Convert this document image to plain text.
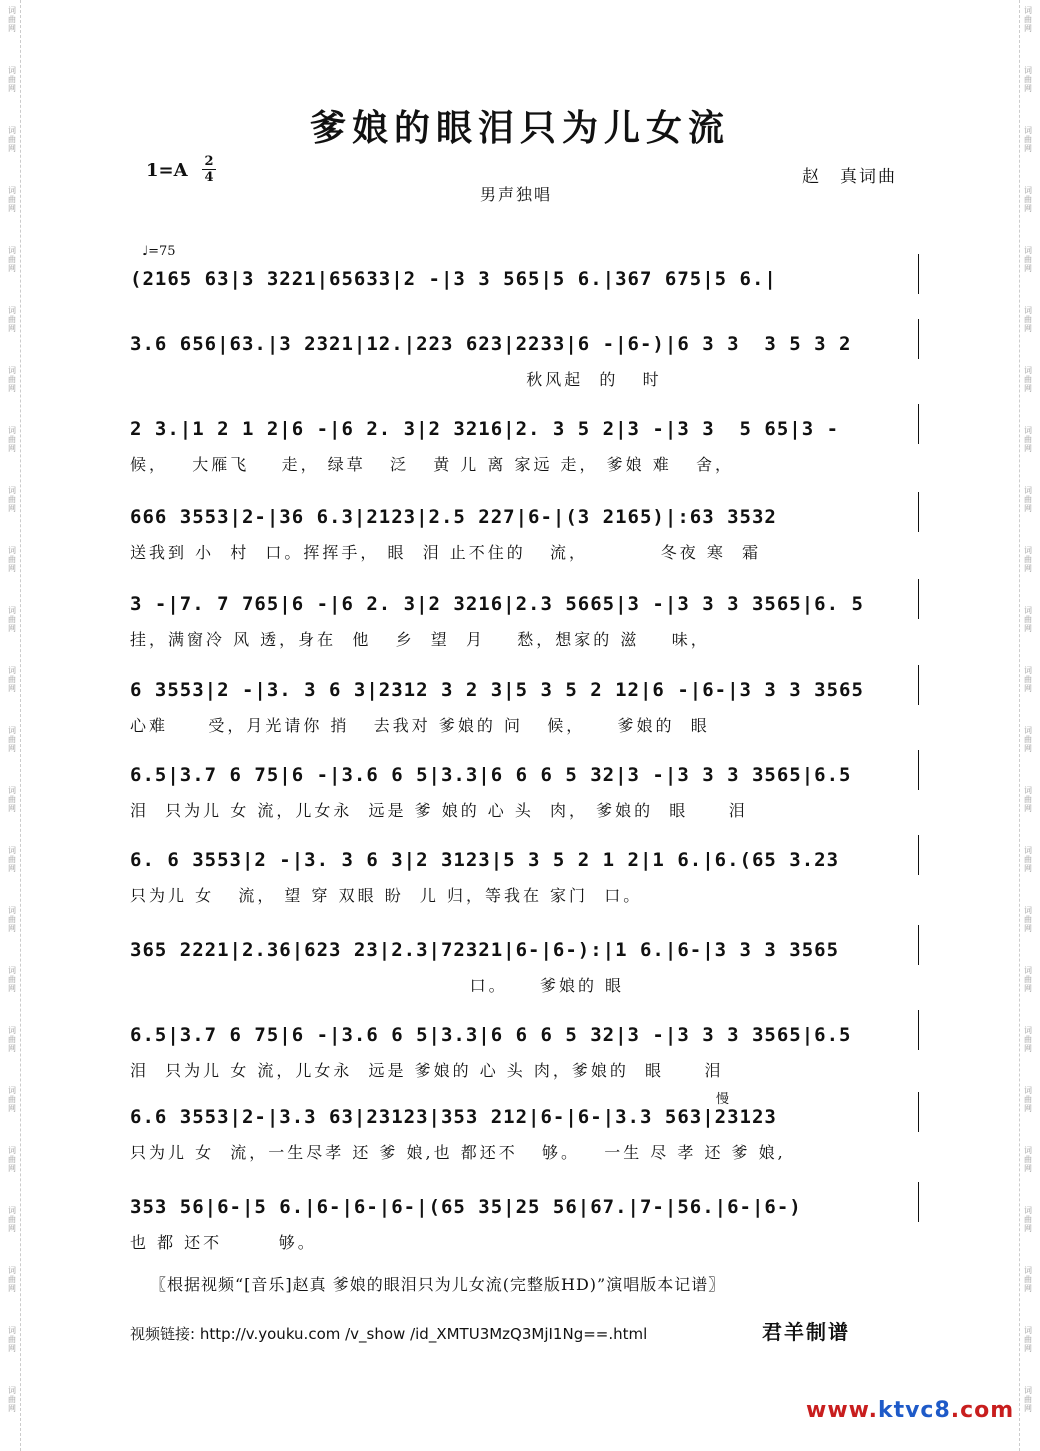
爹娘的眼泪只为儿女流
1=A 2
4	赵　真词曲
男声独唱
♩=75
(2165 63|3 3221|65633|2 -|3 3 565|5 6.|367 675|5 6.|
3.6 656|63.|3 2321|12.|223 623|2233|6 -|6-)|6 3 3  3 5 3 2
秋风起  的   时
2 3.|1 2 1 2|6 -|6 2. 3|2 3216|2. 3 5 2|3 -|3 3  5 65|3 -
候，   大雁飞    走， 绿草   泛   黄 儿 离 家远 走， 爹娘 难   舍，
666 3553|2-|36 6.3|2123|2.5 227|6-|(3 2165)|:63 3532
送我到 小  村  口。挥挥手， 眼  泪 止不住的   流，         冬夜 寒  霜
3 -|7. 7 765|6 -|6 2. 3|2 3216|2.3 5665|3 -|3 3 3 3565|6. 5
挂，满窗冷 风 透，身在  他   乡  望  月    愁，想家的 滋    味，
6 3553|2 -|3. 3 6 3|2312 3 2 3|5 3 5 2 12|6 -|6-|3 3 3 3565
心难     受，月光请你 捎   去我对 爹娘的 问   候，    爹娘的  眼
6.5|3.7 6 75|6 -|3.6 6 5|3.3|6 6 6 5 32|3 -|3 3 3 3565|6.5
泪  只为儿 女 流，儿女永  远是 爹 娘的 心 头  肉， 爹娘的  眼     泪
6. 6 3553|2 -|3. 3 6 3|2 3123|5 3 5 2 1 2|1 6.|6.(65 3.23
只为儿 女   流， 望 穿 双眼 盼  儿 归，等我在 家门  口。
365 2221|2.36|623 23|2.3|72321|6-|6-):|1 6.|6-|3 3 3 3565
口。    爹娘的 眼
6.5|3.7 6 75|6 -|3.6 6 5|3.3|6 6 6 5 32|3 -|3 3 3 3565|6.5
泪  只为儿 女 流，儿女永  远是 爹娘的 心 头 肉，爹娘的  眼     泪
6.6 3553|2-|3.3 63|23123|353 212|6-|6-|3.3 563|23123
只为儿 女  流，一生尽孝 还 爹 娘,也 都还不   够。   一生 尽 孝 还 爹 娘,
353 56|6-|5 6.|6-|6-|6-|(65 35|25 56|67.|7-|56.|6-|6-)
也 都 还不       够。
〖根据视频“[音乐]赵真 爹娘的眼泪只为儿女流(完整版HD)”演唱版本记谱〗
视频链接: http://v.youku.com /v_show /id_XMTU3MzQ3MjI1Ng==.html	君羊制谱
www.ktvc8.com
慢
词
曲
网
词
曲
网
词
曲
网
词
曲
网
词
曲
网
词
曲
网
词
曲
网
词
曲
网
词
曲
网
词
曲
网
词
曲
网
词
曲
网
词
曲
网
词
曲
网
词
曲
网
词
曲
网
词
曲
网
词
曲
网
词
曲
网
词
曲
网
词
曲
网
词
曲
网
词
曲
网
词
曲
网
词
曲
网
词
曲
网
词
曲
网
词
曲
网
词
曲
网
词
曲
网
词
曲
网
词
曲
网
词
曲
网
词
曲
网
词
曲
网
词
曲
网
词
曲
网
词
曲
网
词
曲
网
词
曲
网
词
曲
网
词
曲
网
词
曲
网
词
曲
网
词
曲
网
词
曲
网
词
曲
网
词
曲
网
